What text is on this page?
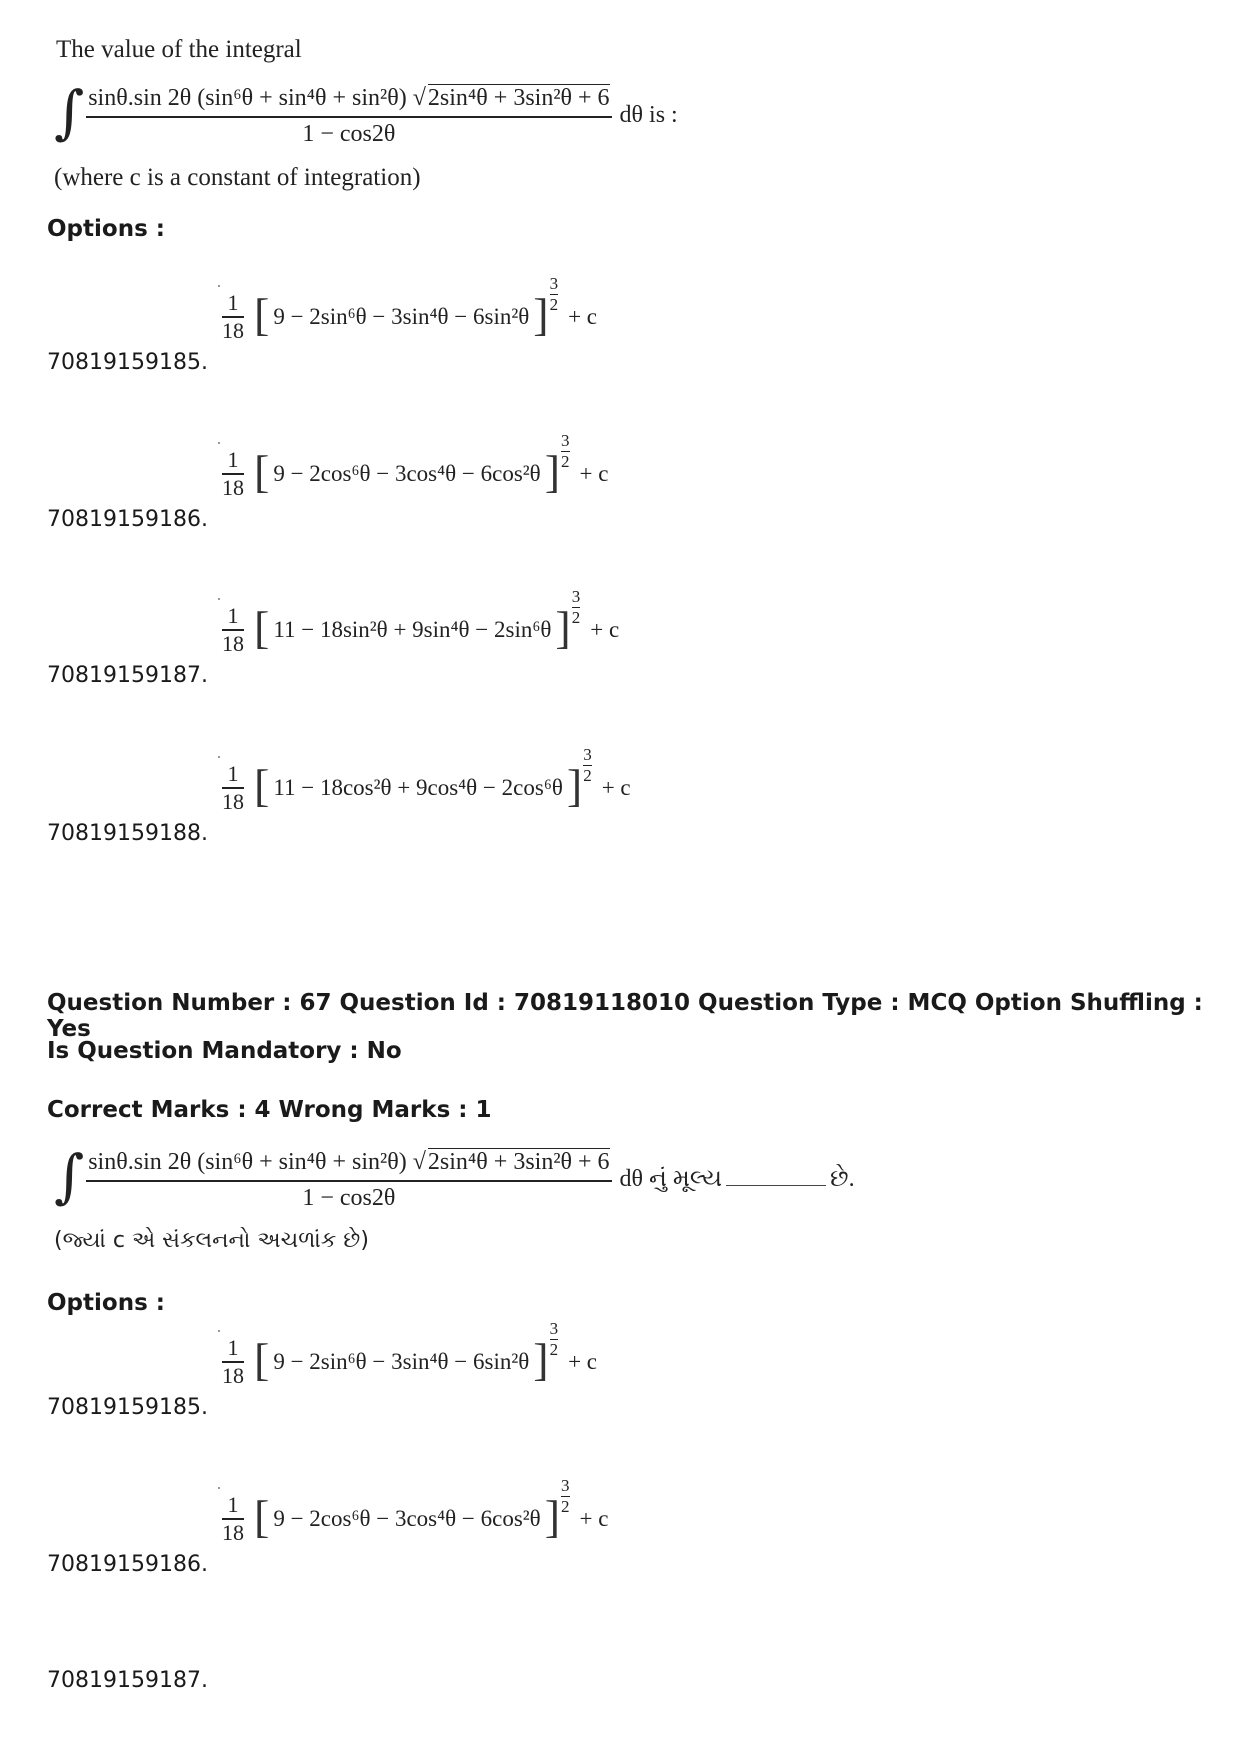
The value of the integral
∫ sinθ.sin 2θ (sin⁶θ + sin⁴θ + sin²θ) √2sin⁴θ + 3sin²θ + 6
1 − cos2θ
dθ is :
(where c is a constant of integration)
Options :
70819159185.
1
18 [ 9 − 2sin⁶θ − 3sin⁴θ − 6sin²θ ]
3
2 + c
70819159186.
1
18 [ 9 − 2cos⁶θ − 3cos⁴θ − 6cos²θ ]
3
2 + c
70819159187.
1
18 [ 11 − 18sin²θ + 9sin⁴θ − 2sin⁶θ ]
3
2 + c
70819159188.
1
18 [ 11 − 18cos²θ + 9cos⁴θ − 2cos⁶θ ]
3
2 + c
Question Number : 67 Question Id : 70819118010 Question Type : MCQ Option Shuffling : Yes
Is Question Mandatory : No
Correct Marks : 4 Wrong Marks : 1
∫ sinθ.sin 2θ (sin⁶θ + sin⁴θ + sin²θ) √2sin⁴θ + 3sin²θ + 6
1 − cos2θ
dθ નું મૂલ્ય	છે.
(જ્યાં c એ સંકલનનો અચળાંક છે)
Options :
70819159185.
1
18 [ 9 − 2sin⁶θ − 3sin⁴θ − 6sin²θ ]
3
2 + c
70819159186.
1
18 [ 9 − 2cos⁶θ − 3cos⁴θ − 6cos²θ ]
3
2 + c
70819159187.
